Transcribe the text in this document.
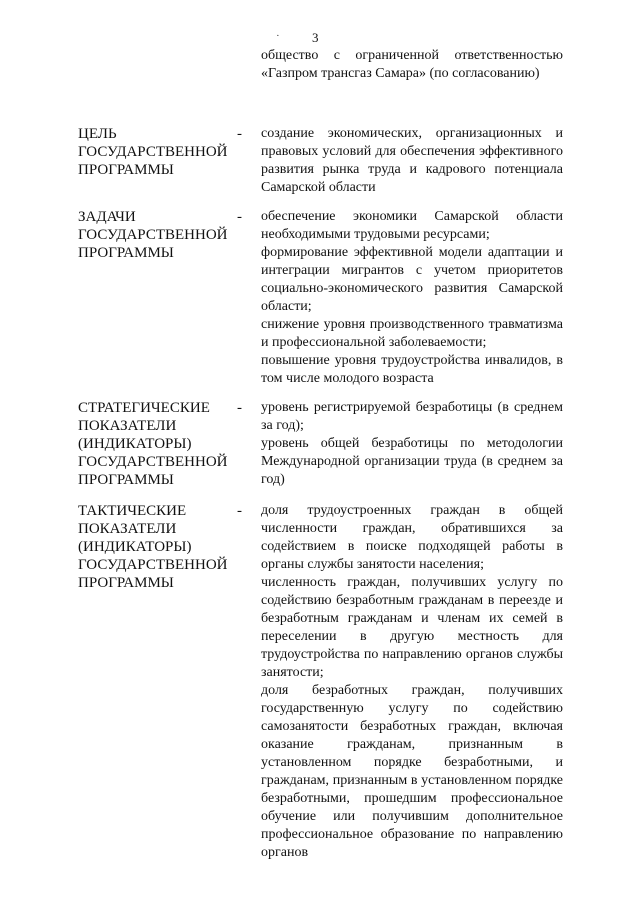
· 3

общество с ограниченной ответственностью «Газпром трансгаз Самара» (по согласованию)

ЦЕЛЬ
ГОСУДАРСТВЕННОЙ
ПРОГРАММЫ
- создание экономических, организационных и правовых условий для обеспечения эффективного развития рынка труда и кадрового потенциала Самарской области

ЗАДАЧИ
ГОСУДАРСТВЕННОЙ
ПРОГРАММЫ
- обеспечение экономики Самарской области необходимыми трудовыми ресурсами;

формирование эффективной модели адаптации и интеграции мигрантов с учетом приоритетов социально-экономического развития Самарской области;

снижение уровня производственного травматизма и профессиональной заболеваемости;

повышение уровня трудоустройства инвалидов, в том числе молодого возраста

СТРАТЕГИЧЕСКИЕ
ПОКАЗАТЕЛИ
(ИНДИКАТОРЫ)
ГОСУДАРСТВЕННОЙ
ПРОГРАММЫ
- уровень регистрируемой безработицы (в среднем за год);

уровень общей безработицы по методологии Международной организации труда (в среднем за год)

ТАКТИЧЕСКИЕ
ПОКАЗАТЕЛИ
(ИНДИКАТОРЫ)
ГОСУДАРСТВЕННОЙ
ПРОГРАММЫ
- доля трудоустроенных граждан в общей численности граждан, обратившихся за содействием в поиске подходящей работы в органы службы занятости населения;

численность граждан, получивших услугу по содействию безработным гражданам в переезде и безработным гражданам и членам их семей в переселении в другую местность для трудоустройства по направлению органов службы занятости;

доля безработных граждан, получивших государственную услугу по содействию самозанятости безработных граждан, включая оказание гражданам, признанным в установленном порядке безработными, и гражданам, признанным в установленном порядке безработными, прошедшим профессиональное обучение или получившим дополнительное профессиональное образование по направлению органов
